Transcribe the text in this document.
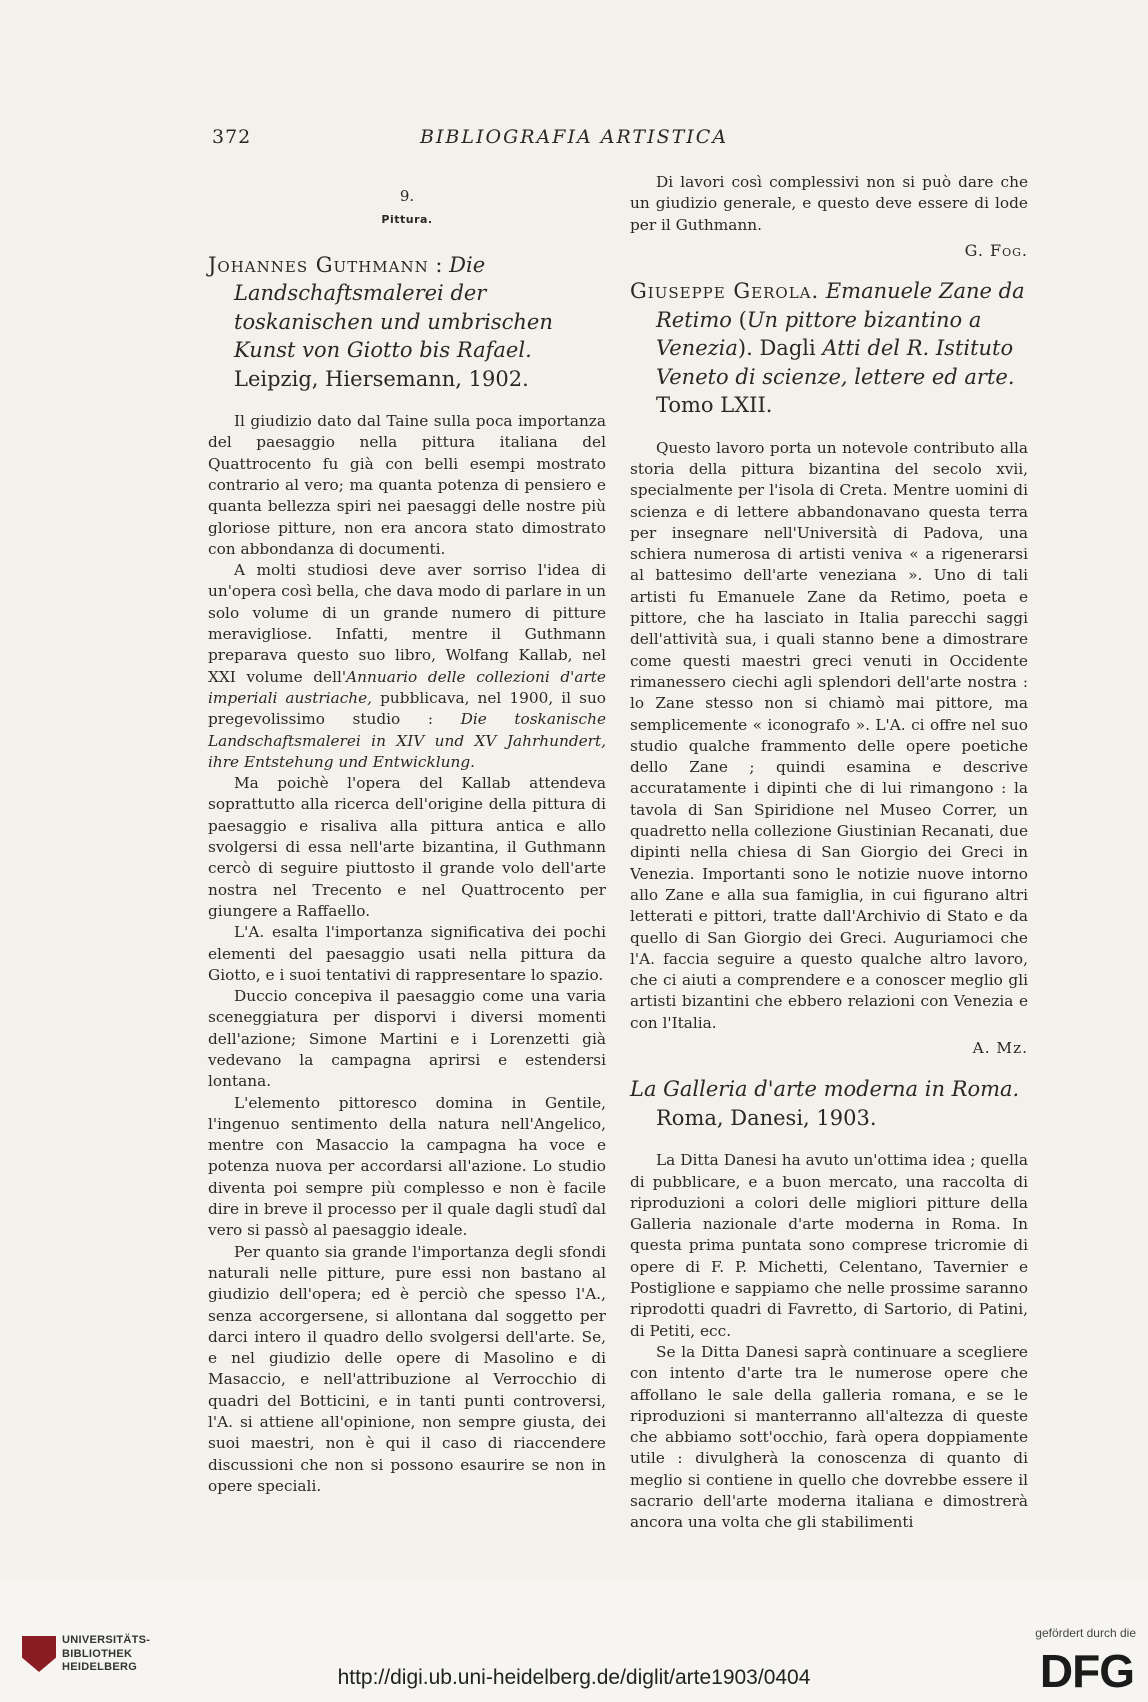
372	BIBLIOGRAFIA ARTISTICA
9.
Pittura.

Johannes Guthmann : Die Landschaftsmalerei der toskanischen und umbrischen Kunst von Giotto bis Rafael. Leipzig, Hiersemann, 1902.

Il giudizio dato dal Taine sulla poca importanza del paesaggio nella pittura italiana del Quattrocento fu già con belli esempi mostrato contrario al vero; ma quanta potenza di pensiero e quanta bellezza spiri nei paesaggi delle nostre più gloriose pitture, non era ancora stato dimostrato con abbondanza di documenti.

A molti studiosi deve aver sorriso l'idea di un'opera così bella, che dava modo di parlare in un solo volume di un grande numero di pitture meravigliose. Infatti, mentre il Guthmann preparava questo suo libro, Wolfang Kallab, nel XXI volume dell'Annuario delle collezioni d'arte imperiali austriache, pubblicava, nel 1900, il suo pregevolissimo studio : Die toskanische Landschaftsmalerei in XIV und XV Jahrhundert, ihre Entstehung und Entwicklung.

Ma poichè l'opera del Kallab attendeva soprattutto alla ricerca dell'origine della pittura di paesaggio e risaliva alla pittura antica e allo svolgersi di essa nell'arte bizantina, il Guthmann cercò di seguire piuttosto il grande volo dell'arte nostra nel Trecento e nel Quattrocento per giungere a Raffaello.

L'A. esalta l'importanza significativa dei pochi elementi del paesaggio usati nella pittura da Giotto, e i suoi tentativi di rappresentare lo spazio.

Duccio concepiva il paesaggio come una varia sceneggiatura per disporvi i diversi momenti dell'azione; Simone Martini e i Lorenzetti già vedevano la campagna aprirsi e estendersi lontana.

L'elemento pittoresco domina in Gentile, l'ingenuo sentimento della natura nell'Angelico, mentre con Masaccio la campagna ha voce e potenza nuova per accordarsi all'azione. Lo studio diventa poi sempre più complesso e non è facile dire in breve il processo per il quale dagli studî dal vero si passò al paesaggio ideale.

Per quanto sia grande l'importanza degli sfondi naturali nelle pitture, pure essi non bastano al giudizio dell'opera; ed è perciò che spesso l'A., senza accorgersene, si allontana dal soggetto per darci intero il quadro dello svolgersi dell'arte. Se, e nel giudizio delle opere di Masolino e di Masaccio, e nell'attribuzione al Verrocchio di quadri del Botticini, e in tanti punti controversi, l'A. si attiene all'opinione, non sempre giusta, dei suoi maestri, non è qui il caso di riaccendere discussioni che non si possono esaurire se non in opere speciali.

Di lavori così complessivi non si può dare che un giudizio generale, e questo deve essere di lode per il Guthmann.

G. Fog.

Giuseppe Gerola. Emanuele Zane da Retimo (Un pittore bizantino a Venezia). Dagli Atti del R. Istituto Veneto di scienze, lettere ed arte. Tomo LXII.

Questo lavoro porta un notevole contributo alla storia della pittura bizantina del secolo xvii, specialmente per l'isola di Creta. Mentre uomini di scienza e di lettere abbandonavano questa terra per insegnare nell'Università di Padova, una schiera numerosa di artisti veniva « a rigenerarsi al battesimo dell'arte veneziana ». Uno di tali artisti fu Emanuele Zane da Retimo, poeta e pittore, che ha lasciato in Italia parecchi saggi dell'attività sua, i quali stanno bene a dimostrare come questi maestri greci venuti in Occidente rimanessero ciechi agli splendori dell'arte nostra : lo Zane stesso non si chiamò mai pittore, ma semplicemente « iconografo ». L'A. ci offre nel suo studio qualche frammento delle opere poetiche dello Zane ; quindi esamina e descrive accuratamente i dipinti che di lui rimangono : la tavola di San Spiridione nel Museo Correr, un quadretto nella collezione Giustinian Recanati, due dipinti nella chiesa di San Giorgio dei Greci in Venezia. Importanti sono le notizie nuove intorno allo Zane e alla sua famiglia, in cui figurano altri letterati e pittori, tratte dall'Archivio di Stato e da quello di San Giorgio dei Greci. Auguriamoci che l'A. faccia seguire a questo qualche altro lavoro, che ci aiuti a comprendere e a conoscer meglio gli artisti bizantini che ebbero relazioni con Venezia e con l'Italia.

A. Mz.

La Galleria d'arte moderna in Roma. Roma, Danesi, 1903.

La Ditta Danesi ha avuto un'ottima idea ; quella di pubblicare, e a buon mercato, una raccolta di riproduzioni a colori delle migliori pitture della Galleria nazionale d'arte moderna in Roma. In questa prima puntata sono comprese tricromie di opere di F. P. Michetti, Celentano, Tavernier e Postiglione e sappiamo che nelle prossime saranno riprodotti quadri di Favretto, di Sartorio, di Patini, di Petiti, ecc.

Se la Ditta Danesi saprà continuare a scegliere con intento d'arte tra le numerose opere che affollano le sale della galleria romana, e se le riproduzioni si manterranno all'altezza di queste che abbiamo sott'occhio, farà opera doppiamente utile : divulgherà la conoscenza di quanto di meglio si contiene in quello che dovrebbe essere il sacrario dell'arte moderna italiana e dimostrerà ancora una volta che gli stabilimenti

UNIVERSITÄTS-
BIBLIOTHEK
HEIDELBERG	http://digi.ub.uni-heidelberg.de/diglit/arte1903/0404
gefördert durch die
DFG
